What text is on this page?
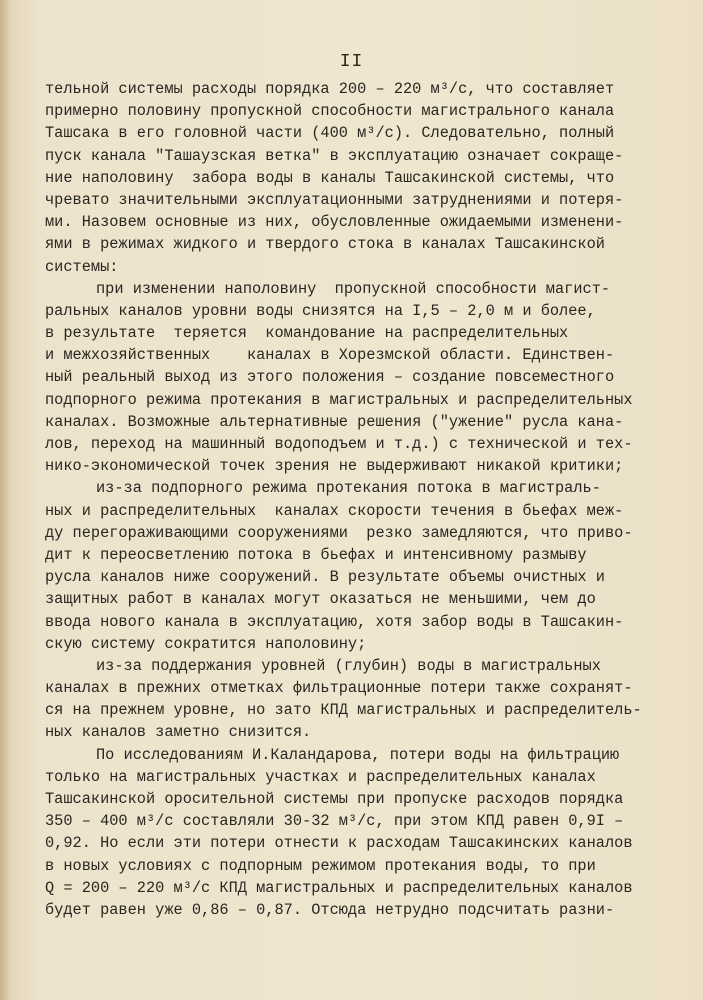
II
тельной системы расходы порядка 200 – 220 м³/с, что составляет
примерно половину пропускной способности магистрального канала
Ташсака в его головной части (400 м³/с). Следовательно, полный
пуск канала "Ташаузская ветка" в эксплуатацию означает сокраще-
ние наполовину  забора воды в каналы Ташсакинской системы, что
чревато значительными эксплуатационными затруднениями и потеря-
ми. Назовем основные из них, обусловленные ожидаемыми изменени-
ями в режимах жидкого и твердого стока в каналах Ташсакинской
системы:
при изменении наполовину  пропускной способности магист-
ральных каналов уровни воды снизятся на I,5 – 2,0 м и более,
в результате  теряется  командование на распределительных
и межхозяйственных    каналах в Хорезмской области. Единствен-
ный реальный выход из этого положения – создание повсеместного
подпорного режима протекания в магистральных и распределительных
каналах. Возможные альтернативные решения ("ужение" русла кана-
лов, переход на машинный водоподъем и т.д.) с технической и тех-
нико-экономической точек зрения не выдерживают никакой критики;
из-за подпорного режима протекания потока в магистраль-
ных и распределительных  каналах скорости течения в бьефах меж-
ду перегораживающими сооружениями  резко замедляются, что приво-
дит к переосветлению потока в бьефах и интенсивному размыву
русла каналов ниже сооружений. В результате объемы очистных и
защитных работ в каналах могут оказаться не меньшими, чем до
ввода нового канала в эксплуатацию, хотя забор воды в Ташсакин-
скую систему сократится наполовину;
из-за поддержания уровней (глубин) воды в магистральных
каналах в прежних отметках фильтрационные потери также сохранят-
ся на прежнем уровне, но зато КПД магистральных и распределитель-
ных каналов заметно снизится.
По исследованиям И.Каландарова, потери воды на фильтрацию
только на магистральных участках и распределительных каналах
Ташсакинской оросительной системы при пропуске расходов порядка
350 – 400 м³/с составляли 30-32 м³/с, при этом КПД равен 0,9I –
0,92. Но если эти потери отнести к расходам Ташсакинских каналов
в новых условиях с подпорным режимом протекания воды, то при
Q = 200 – 220 м³/с КПД магистральных и распределительных каналов
будет равен уже 0,86 – 0,87. Отсюда нетрудно подсчитать разни-
